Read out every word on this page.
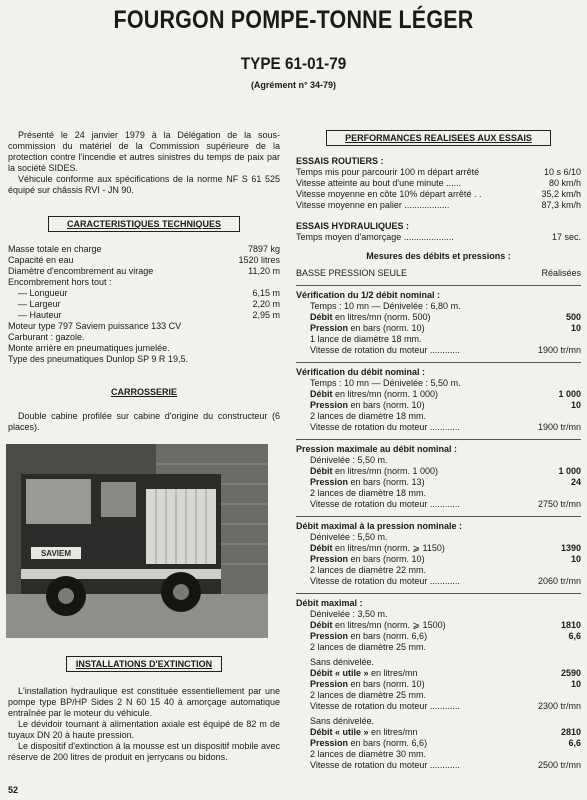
FOURGON POMPE-TONNE LÉGER
TYPE 61-01-79
(Agrément n° 34-79)

Présenté le 24 janvier 1979 à la Délégation de la sous-commission du matériel de la Commission supérieure de la protection contre l'incendie et autres sinistres du temps de paix par la société SIDES.

Véhicule conforme aux spécifications de la norme NF S 61 525 équipé sur châssis RVI - JN 90.

CARACTERISTIQUES TECHNIQUES
Masse totale en charge	7897 kg
Capacité en eau	1520 litres
Diamètre d'encombrement au virage	11,20 m
Encombrement hors tout :
— Longueur	6,15 m
— Largeur	2,20 m
— Hauteur	2,95 m
Moteur type 797 Saviem puissance 133 CV
Carburant : gazole.
Monte arrière en pneumatiques jumelée.
Type des pneumatiques Dunlop SP 9 R 19,5.
CARROSSERIE

Double cabine profilée sur cabine d'origine du constructeur (6 places).

SAVIEM
INSTALLATIONS D'EXTINCTION

L'installation hydraulique est constituée essentiellement par une pompe type BP/HP Sides 2 N 60 15 40 à amorçage automatique entraînée par le moteur du véhicule.

Le dévidoir tournant à alimentation axiale est équipé de 82 m de tuyaux DN 20 à haute pression.

Le dispositif d'extinction à la mousse est un dispositif mobile avec réserve de 200 litres de produit en jerrycans ou bidons.

PERFORMANCES REALISEES AUX ESSAIS
ESSAIS ROUTIERS :
Temps mis pour parcourir 100 m départ arrêté	10 s 6/10
Vitesse atteinte au bout d'une minute ......	80 km/h
Vitesse moyenne en côte 10% départ arrêté . .	35,2 km/h
Vitesse moyenne en palier ..................	87,3 km/h
ESSAIS HYDRAULIQUES :
Temps moyen d'amorçage ....................	17 sec.
Mesures des débits et pressions :
BASSE PRESSION SEULE	Réalisées
Vérification du 1/2 débit nominal :
Temps : 10 mn — Dénivelée : 6,80 m.
Débit en litres/mn (norm. 500)	500
Pression en bars (norm. 10)	10
1 lance de diamètre 18 mm.
Vitesse de rotation du moteur ............	1900 tr/mn
Vérification du débit nominal :
Temps : 10 mn — Dénivelée : 5,50 m.
Débit en litres/mn (norm. 1 000)	1 000
Pression en bars (norm. 10)	10
2 lances de diamètre 18 mm.
Vitesse de rotation du moteur ............	1900 tr/mn
Pression maximale au débit nominal :
Dénivelée : 5,50 m.
Débit en litres/mn (norm. 1 000)	1 000
Pression en bars (norm. 13)	24
2 lances de diamètre 18 mm.
Vitesse de rotation du moteur ............	2750 tr/mn
Débit maximal à la pression nominale :
Dénivelée : 5,50 m.
Débit en litres/mn (norm. ⩾ 1150)	1390
Pression en bars (norm. 10)	10
2 lances de diamètre 22 mm.
Vitesse de rotation du moteur ............	2060 tr/mn
Débit maximal :
Dénivelée : 3,50 m.
Débit en litres/mn (norm. ⩾ 1500)	1810
Pression en bars (norm. 6,6)	6,6
2 lances de diamètre 25 mm.
Sans dénivelée.
Débit « utile » en litres/mn	2590
Pression en bars (norm. 10)	10
2 lances de diamètre 25 mm.
Vitesse de rotation du moteur ............	2300 tr/mn
Sans dénivelée.
Débit « utile » en litres/mn	2810
Pression en bars (norm. 6,6)	6,6
2 lances de diamètre 30 mm.
Vitesse de rotation du moteur ............	2500 tr/mn
52
